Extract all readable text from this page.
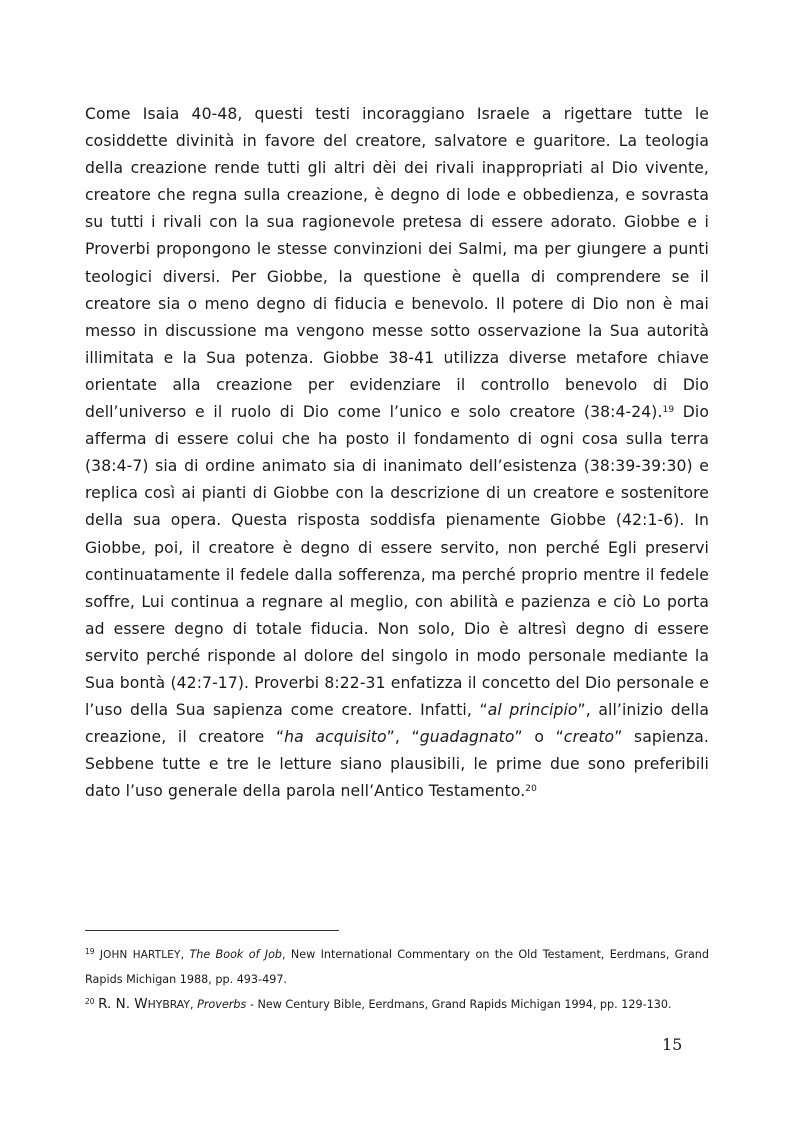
Come Isaia 40-48, questi testi incoraggiano Israele a rigettare tutte le cosiddette divinità in favore del creatore, salvatore e guaritore. La teologia della creazione rende tutti gli altri dèi dei rivali inappropriati al Dio vivente, creatore che regna sulla creazione, è degno di lode e obbedienza, e sovrasta su tutti i rivali con la sua ragionevole pretesa di essere adorato. Giobbe e i Proverbi propongono le stesse convinzioni dei Salmi, ma per giungere a punti teologici diversi. Per Giobbe, la questione è quella di comprendere se il creatore sia o meno degno di fiducia e benevolo. Il potere di Dio non è mai messo in discussione ma vengono messe sotto osservazione la Sua autorità illimitata e la Sua potenza. Giobbe 38-41 utilizza diverse metafore chiave orientate alla creazione per evidenziare il controllo benevolo di Dio dell’universo e il ruolo di Dio come l’unico e solo creatore (38:4-24).$^{19}$ Dio afferma di essere colui che ha posto il fondamento di ogni cosa sulla terra (38:4-7) sia di ordine animato sia di inanimato dell’esistenza (38:39-39:30) e replica così ai pianti di Giobbe con la descrizione di un creatore e sostenitore della sua opera. Questa risposta soddisfa pienamente Giobbe (42:1-6). In Giobbe, poi, il creatore è degno di essere servito, non perché Egli preservi continuatamente il fedele dalla sofferenza, ma perché proprio mentre il fedele soffre, Lui continua a regnare al meglio, con abilità e pazienza e ciò Lo porta ad essere degno di totale fiducia. Non solo, Dio è altresì degno di essere servito perché risponde al dolore del singolo in modo personale mediante la Sua bontà (42:7-17). Proverbi 8:22-31 enfatizza il concetto del Dio personale e l’uso della Sua sapienza come creatore. Infatti, “al principio”, all’inizio della creazione, il creatore “ha acquisito”, “guadagnato” o “creato” sapienza. Sebbene tutte e tre le letture siano plausibili, le prime due sono preferibili dato l’uso generale della parola nell’Antico Testamento.$^{20}$

$^{19}$ JOHN HARTLEY, The Book of Job, New International Commentary on the Old Testament, Eerdmans, Grand Rapids Michigan 1988, pp. 493-497.

$^{20}$ R. N. WHYBRAY, Proverbs - New Century Bible, Eerdmans, Grand Rapids Michigan 1994, pp. 129-130.

15
